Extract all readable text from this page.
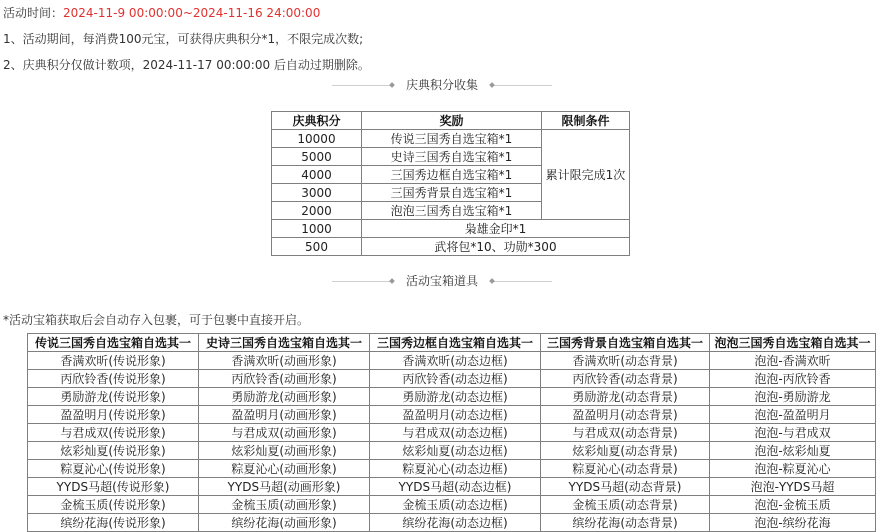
活动时间：2024-11-9 00:00:00~2024-11-16 24:00:00
1、活动期间，每消费100元宝，可获得庆典积分*1，不限完成次数;
2、庆典积分仅做计数项，2024-11-17 00:00:00 后自动过期删除。
庆典积分收集
庆典积分	奖励	限制条件
10000	传说三国秀自选宝箱*1	累计限完成1次
5000	史诗三国秀自选宝箱*1	
4000	三国秀边框自选宝箱*1	
3000	三国秀背景自选宝箱*1	
2000	泡泡三国秀自选宝箱*1	
1000	枭雄金印*1	
500	武将包*10、功勋*300	
活动宝箱道具
*活动宝箱获取后会自动存入包裹，可于包裹中直接开启。
传说三国秀自选宝箱自选其一	史诗三国秀自选宝箱自选其一	三国秀边框自选宝箱自选其一	三国秀背景自选宝箱自选其一	泡泡三国秀自选宝箱自选其一
香满欢昕(传说形象)	香满欢昕(动画形象)	香满欢昕(动态边框)	香满欢昕(动态背景)	泡泡-香满欢昕
丙欣铃香(传说形象)	丙欣铃香(动画形象)	丙欣铃香(动态边框)	丙欣铃香(动态背景)	泡泡-丙欣铃香
勇励游龙(传说形象)	勇励游龙(动画形象)	勇励游龙(动态边框)	勇励游龙(动态背景)	泡泡-勇励游龙
盈盈明月(传说形象)	盈盈明月(动画形象)	盈盈明月(动态边框)	盈盈明月(动态背景)	泡泡-盈盈明月
与君成双(传说形象)	与君成双(动画形象)	与君成双(动态边框)	与君成双(动态背景)	泡泡-与君成双
炫彩灿夏(传说形象)	炫彩灿夏(动画形象)	炫彩灿夏(动态边框)	炫彩灿夏(动态背景)	泡泡-炫彩灿夏
粽夏沁心(传说形象)	粽夏沁心(动画形象)	粽夏沁心(动态边框)	粽夏沁心(动态背景)	泡泡-粽夏沁心
YYDS马超(传说形象)	YYDS马超(动画形象)	YYDS马超(动态边框)	YYDS马超(动态背景)	泡泡-YYDS马超
金梳玉质(传说形象)	金梳玉质(动画形象)	金梳玉质(动态边框)	金梳玉质(动态背景)	泡泡-金梳玉质
缤纷花海(传说形象)	缤纷花海(动画形象)	缤纷花海(动态边框)	缤纷花海(动态背景)	泡泡-缤纷花海
